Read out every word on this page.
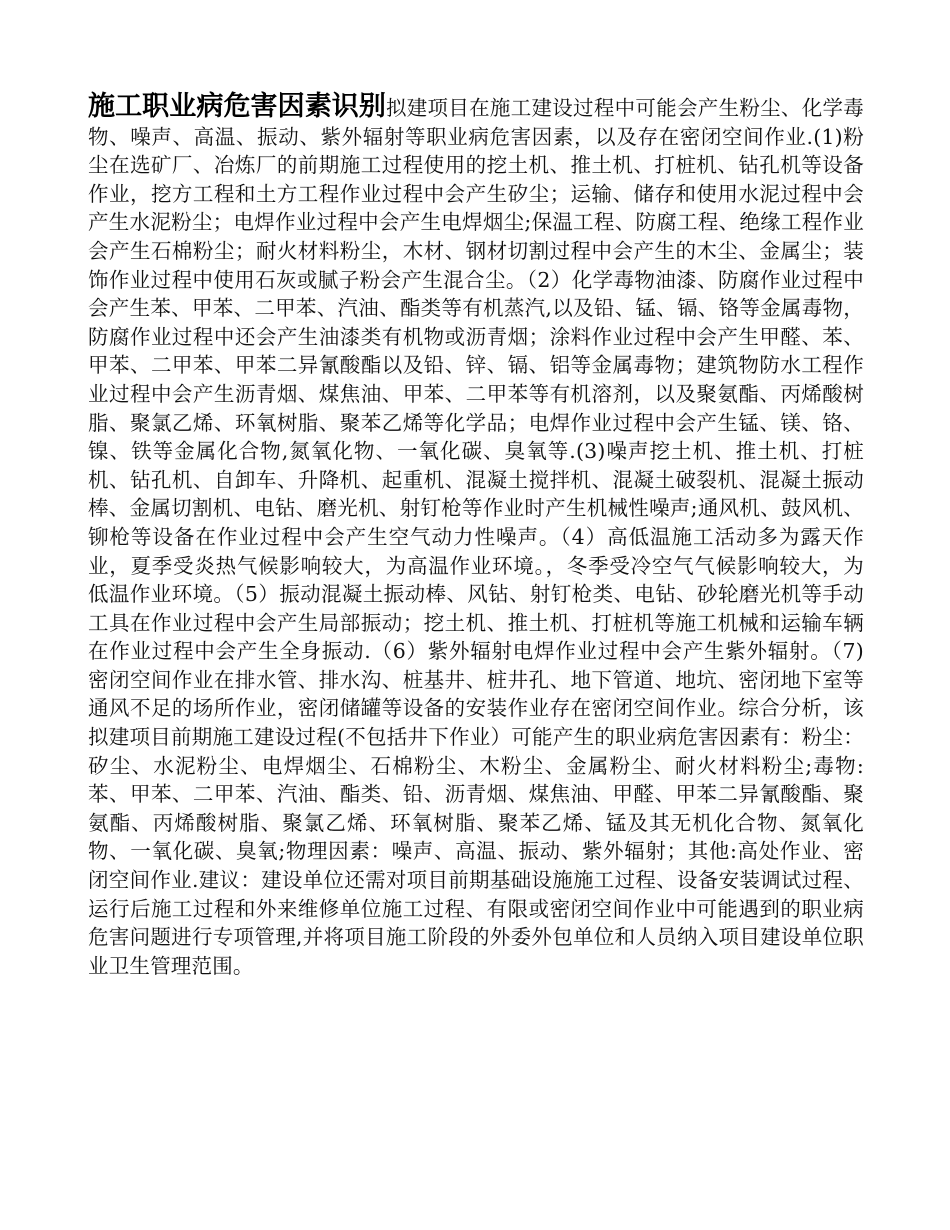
施工职业病危害因素识别拟建项目在施工建设过程中可能会产生粉尘、化学毒物、噪声、高温、振动、紫外辐射等职业病危害因素，以及存在密闭空间作业.(1)粉尘在选矿厂、冶炼厂的前期施工过程使用的挖土机、推土机、打桩机、钻孔机等设备作业，挖方工程和土方工程作业过程中会产生矽尘；运输、储存和使用水泥过程中会产生水泥粉尘；电焊作业过程中会产生电焊烟尘;保温工程、防腐工程、绝缘工程作业会产生石棉粉尘；耐火材料粉尘，木材、钢材切割过程中会产生的木尘、金属尘；装饰作业过程中使用石灰或腻子粉会产生混合尘。（2）化学毒物油漆、防腐作业过程中会产生苯、甲苯、二甲苯、汽油、酯类等有机蒸汽,以及铅、锰、镉、铬等金属毒物，防腐作业过程中还会产生油漆类有机物或沥青烟；涂料作业过程中会产生甲醛、苯、甲苯、二甲苯、甲苯二异氰酸酯以及铅、锌、镉、铝等金属毒物；建筑物防水工程作业过程中会产生沥青烟、煤焦油、甲苯、二甲苯等有机溶剂，以及聚氨酯、丙烯酸树脂、聚氯乙烯、环氧树脂、聚苯乙烯等化学品；电焊作业过程中会产生锰、镁、铬、镍、铁等金属化合物,氮氧化物、一氧化碳、臭氧等.(3)噪声挖土机、推土机、打桩机、钻孔机、自卸车、升降机、起重机、混凝土搅拌机、混凝土破裂机、混凝土振动棒、金属切割机、电钻、磨光机、射钉枪等作业时产生机械性噪声;通风机、鼓风机、铆枪等设备在作业过程中会产生空气动力性噪声。（4）高低温施工活动多为露天作业，夏季受炎热气候影响较大，为高温作业环境。，冬季受冷空气气候影响较大，为低温作业环境。（5）振动混凝土振动棒、风钻、射钉枪类、电钻、砂轮磨光机等手动工具在作业过程中会产生局部振动；挖土机、推土机、打桩机等施工机械和运输车辆在作业过程中会产生全身振动.（6）紫外辐射电焊作业过程中会产生紫外辐射。（7)密闭空间作业在排水管、排水沟、桩基井、桩井孔、地下管道、地坑、密闭地下室等通风不足的场所作业，密闭储罐等设备的安装作业存在密闭空间作业。综合分析，该拟建项目前期施工建设过程(不包括井下作业）可能产生的职业病危害因素有：粉尘：矽尘、水泥粉尘、电焊烟尘、石棉粉尘、木粉尘、金属粉尘、耐火材料粉尘;毒物:苯、甲苯、二甲苯、汽油、酯类、铅、沥青烟、煤焦油、甲醛、甲苯二异氰酸酯、聚氨酯、丙烯酸树脂、聚氯乙烯、环氧树脂、聚苯乙烯、锰及其无机化合物、氮氧化物、一氧化碳、臭氧;物理因素：噪声、高温、振动、紫外辐射；其他:高处作业、密闭空间作业.建议：建设单位还需对项目前期基础设施施工过程、设备安装调试过程、运行后施工过程和外来维修单位施工过程、有限或密闭空间作业中可能遇到的职业病危害问题进行专项管理,并将项目施工阶段的外委外包单位和人员纳入项目建设单位职业卫生管理范围。
